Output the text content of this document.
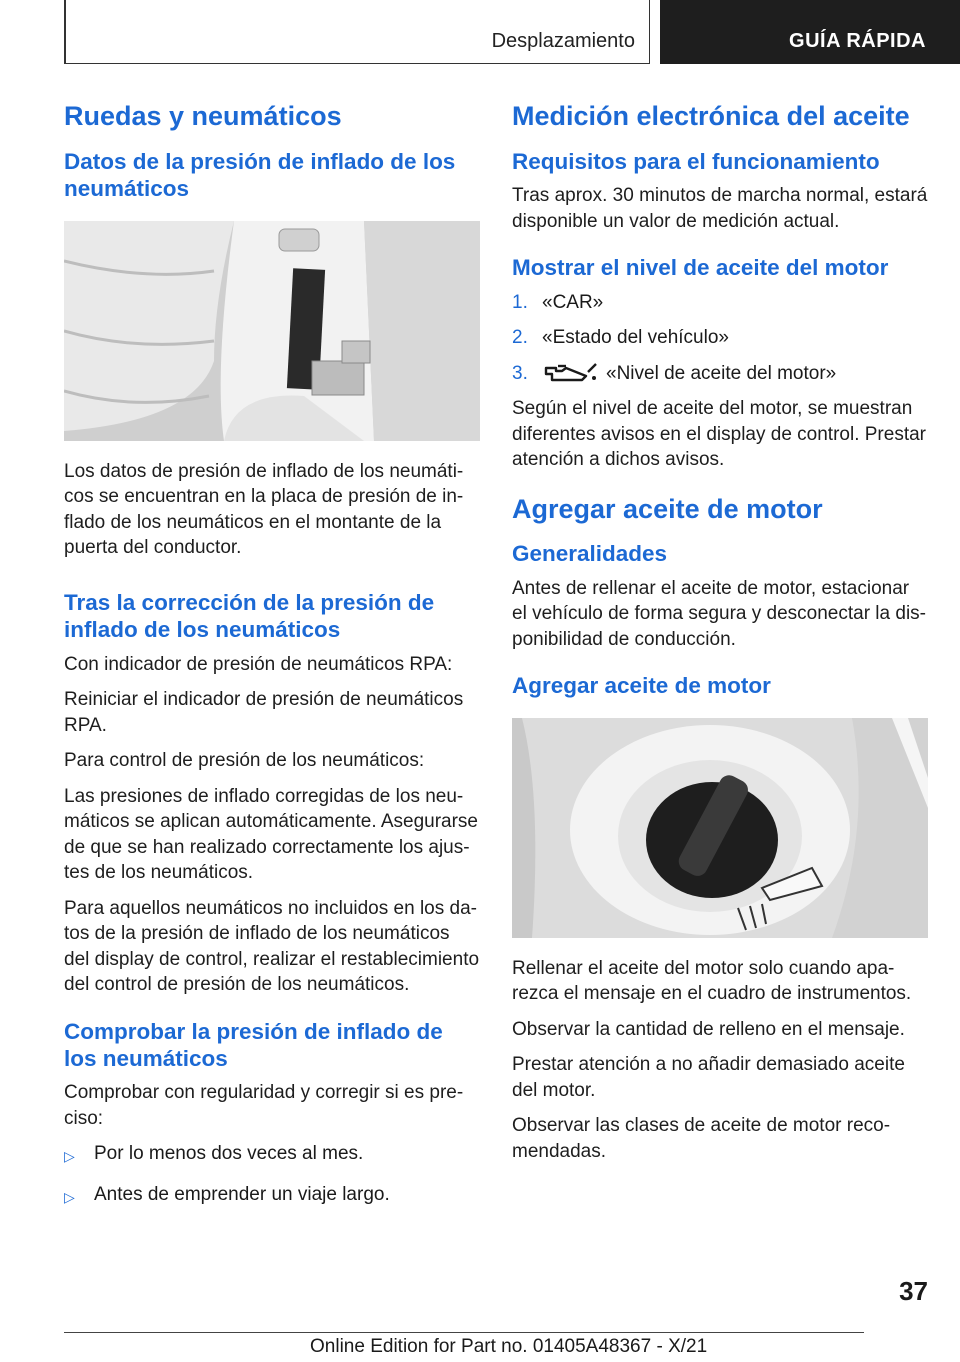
Desplazamiento	GUÍA RÁPIDA
Ruedas y neumáticos
Datos de la presión de inflado de los neumáticos

Los datos de presión de inflado de los neumáti-cos se encuentran en la placa de presión de in-flado de los neumáticos en el montante de la puerta del conductor.

Tras la corrección de la presión de inflado de los neumáticos

Con indicador de presión de neumáticos RPA:

Reiniciar el indicador de presión de neumáticos RPA.

Para control de presión de los neumáticos:

Las presiones de inflado corregidas de los neu-máticos se aplican automáticamente. Asegurarse de que se han realizado correctamente los ajus-tes de los neumáticos.

Para aquellos neumáticos no incluidos en los da-tos de la presión de inflado de los neumáticos del display de control, realizar el restablecimiento del control de presión de los neumáticos.

Comprobar la presión de inflado de los neumáticos

Comprobar con regularidad y corregir si es pre-ciso:

▷	Por lo menos dos veces al mes.
▷	Antes de emprender un viaje largo.
Medición electrónica del aceite
Requisitos para el funcionamiento

Tras aprox. 30 minutos de marcha normal, estará disponible un valor de medición actual.

Mostrar el nivel de aceite del motor
1. «CAR»
2. «Estado del vehículo»
3.	«Nivel de aceite del motor»

Según el nivel de aceite del motor, se muestran diferentes avisos en el display de control. Prestar atención a dichos avisos.

Agregar aceite de motor
Generalidades

Antes de rellenar el aceite de motor, estacionar el vehículo de forma segura y desconectar la dis-ponibilidad de conducción.

Agregar aceite de motor

Rellenar el aceite del motor solo cuando apa-rezca el mensaje en el cuadro de instrumentos.

Observar la cantidad de relleno en el mensaje.

Prestar atención a no añadir demasiado aceite del motor.

Observar las clases de aceite de motor reco-mendadas.

37
Online Edition for Part no. 01405A48367 - X/21
